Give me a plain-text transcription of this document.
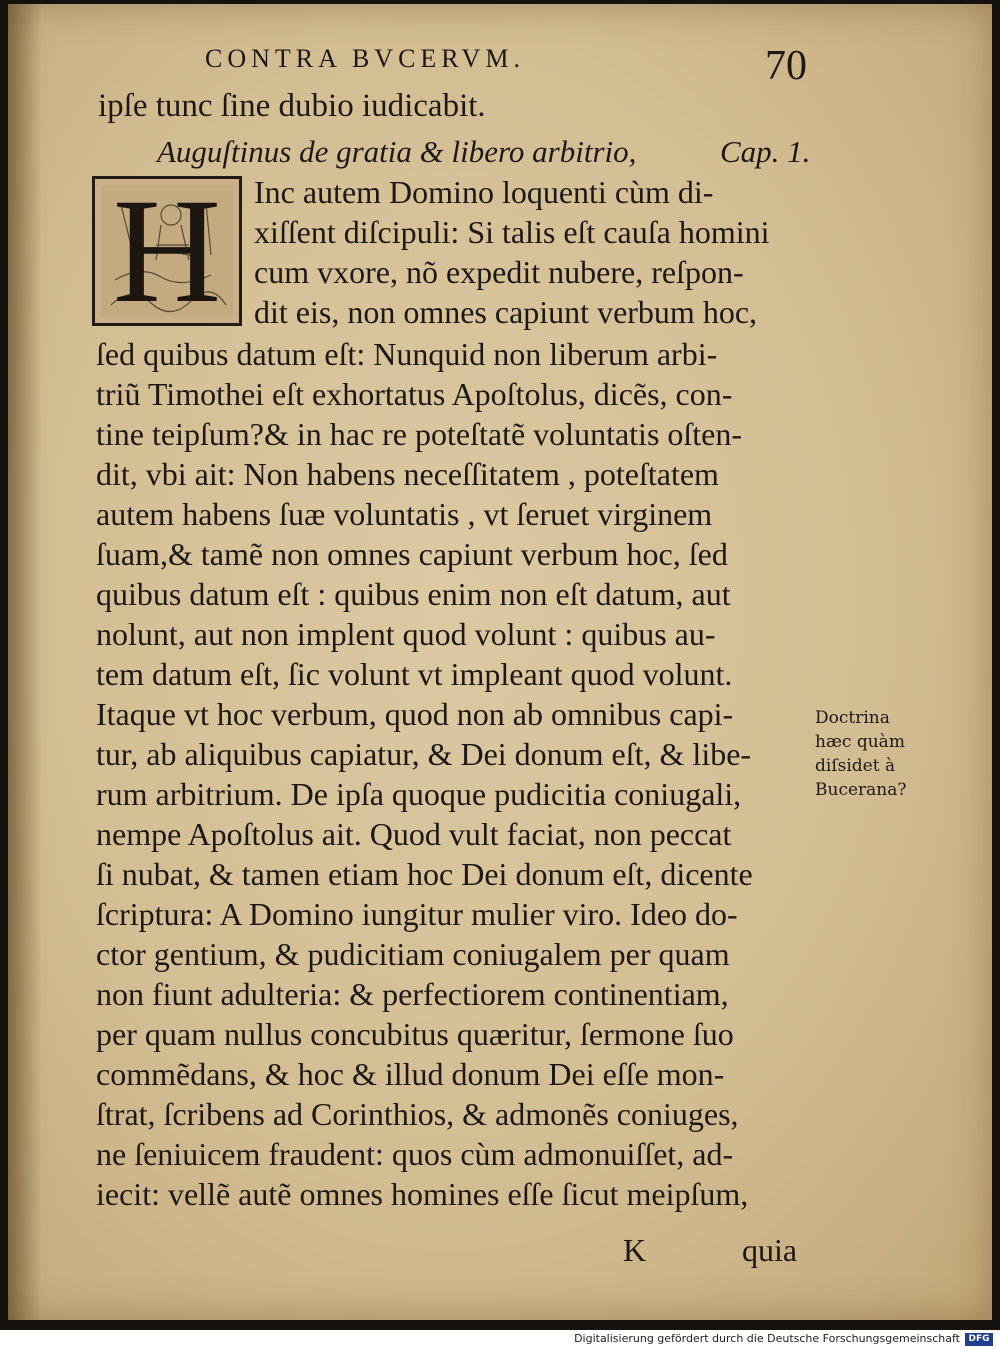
CONTRA BVCERVM.	70
ipſe tunc ſine dubio iudicabit.
Auguſtinus de gratia & libero arbitrio,	Cap. 1.
H	Inc autem Domino loquenti cùm di-
xiſſent diſcipuli: Si talis eſt cauſa homini
cum vxore, nõ expedit nubere, reſpon-
dit eis, non omnes capiunt verbum hoc,
ſed quibus datum eſt: Nunquid non liberum arbi-
triũ Timothei eſt exhortatus Apoſtolus, dicẽs, con-
tine teipſum?& in hac re poteſtatẽ voluntatis oſten-
dit, vbi ait: Non habens neceſſitatem , poteſtatem
autem habens ſuæ voluntatis , vt ſeruet virginem
ſuam,& tamẽ non omnes capiunt verbum hoc, ſed
quibus datum eſt : quibus enim non eſt datum, aut
nolunt, aut non implent quod volunt : quibus au-
tem datum eſt, ſic volunt vt impleant quod volunt.
Itaque vt hoc verbum, quod non ab omnibus capi-
tur, ab aliquibus capiatur, & Dei donum eſt, & libe-
rum arbitrium. De ipſa quoque pudicitia coniugali,
nempe Apoſtolus ait. Quod vult faciat, non peccat
ſi nubat, & tamen etiam hoc Dei donum eſt, dicente
ſcriptura: A Domino iungitur mulier viro. Ideo do-
ctor gentium, & pudicitiam coniugalem per quam
non fiunt adulteria: & perfectiorem continentiam,
per quam nullus concubitus quæritur, ſermone ſuo
commẽdans, & hoc & illud donum Dei eſſe mon-
ſtrat, ſcribens ad Corinthios, & admonẽs coniuges,
ne ſeniuicem fraudent: quos cùm admonuiſſet, ad-
iecit: vellẽ autẽ omnes homines eſſe ſicut meipſum,
Doctrina
hæc quàm
diſsidet à
Bucerana?
K	quia
Digitalisierung gefördert durch die Deutsche Forschungsgemeinschaft DFG
